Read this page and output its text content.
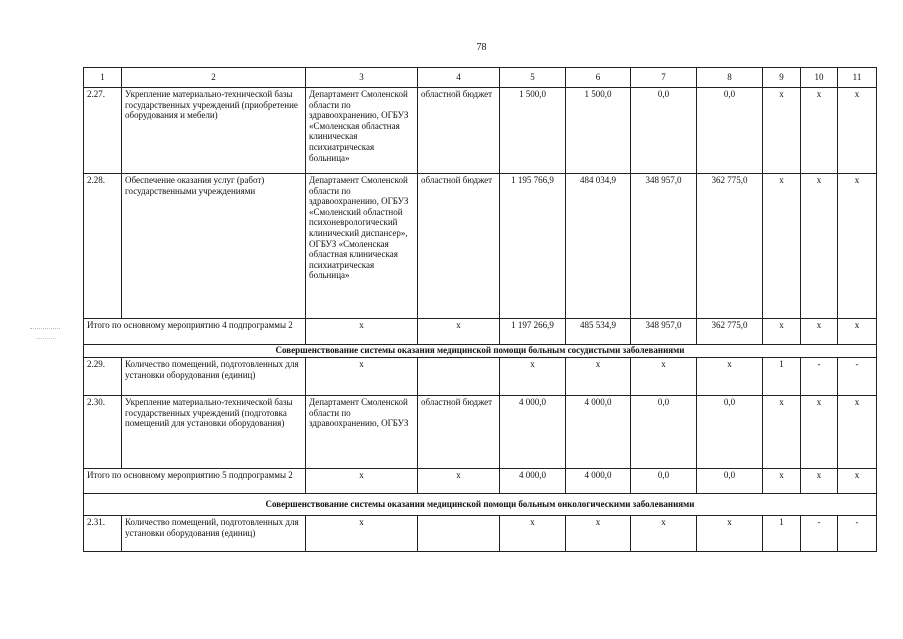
78
1	2	3	4	5	6	7	8	9	10	11
2.27.	Укрепление материально-технической базы государственных учреждений (приобретение оборудования и мебели)	Департамент Смоленской области по здравоохранению, ОГБУЗ «Смоленская областная клиническая психиатрическая больница»	областной бюджет	1 500,0	1 500,0	0,0	0,0	х	х	х
2.28.	Обеспечение оказания услуг (работ) государственными учреждениями	Департамент Смоленской области по здравоохранению, ОГБУЗ «Смоленский областной психоневрологический клинический диспансер», ОГБУЗ «Смоленская областная клиническая психиатрическая больница»	областной бюджет	1 195 766,9	484 034,9	348 957,0	362 775,0	х	х	х
Итого по основному мероприятию 4 подпрограммы 2		х	х	1 197 266,9	485 534,9	348 957,0	362 775,0	х	х	х
Совершенствование системы оказания медицинской помощи больным сосудистыми заболеваниями										
2.29.	Количество помещений, подготовленных для установки оборудования (единиц)	х		х	х	х	х	1	-	-
2.30.	Укрепление материально-технической базы государственных учреждений (подготовка помещений для установки оборудования)	Департамент Смоленской области по здравоохранению, ОГБУЗ	областной бюджет	4 000,0	4 000,0	0,0	0,0	х	х	х
Итого по основному мероприятию 5 подпрограммы 2		х	х	4 000,0	4 000,0	0,0	0,0	х	х	х
Совершенствование системы оказания медицинской помощи больным онкологическими заболеваниями										
2.31.	Количество помещений, подготовленных для установки оборудования (единиц)	х		х	х	х	х	1	-	-
